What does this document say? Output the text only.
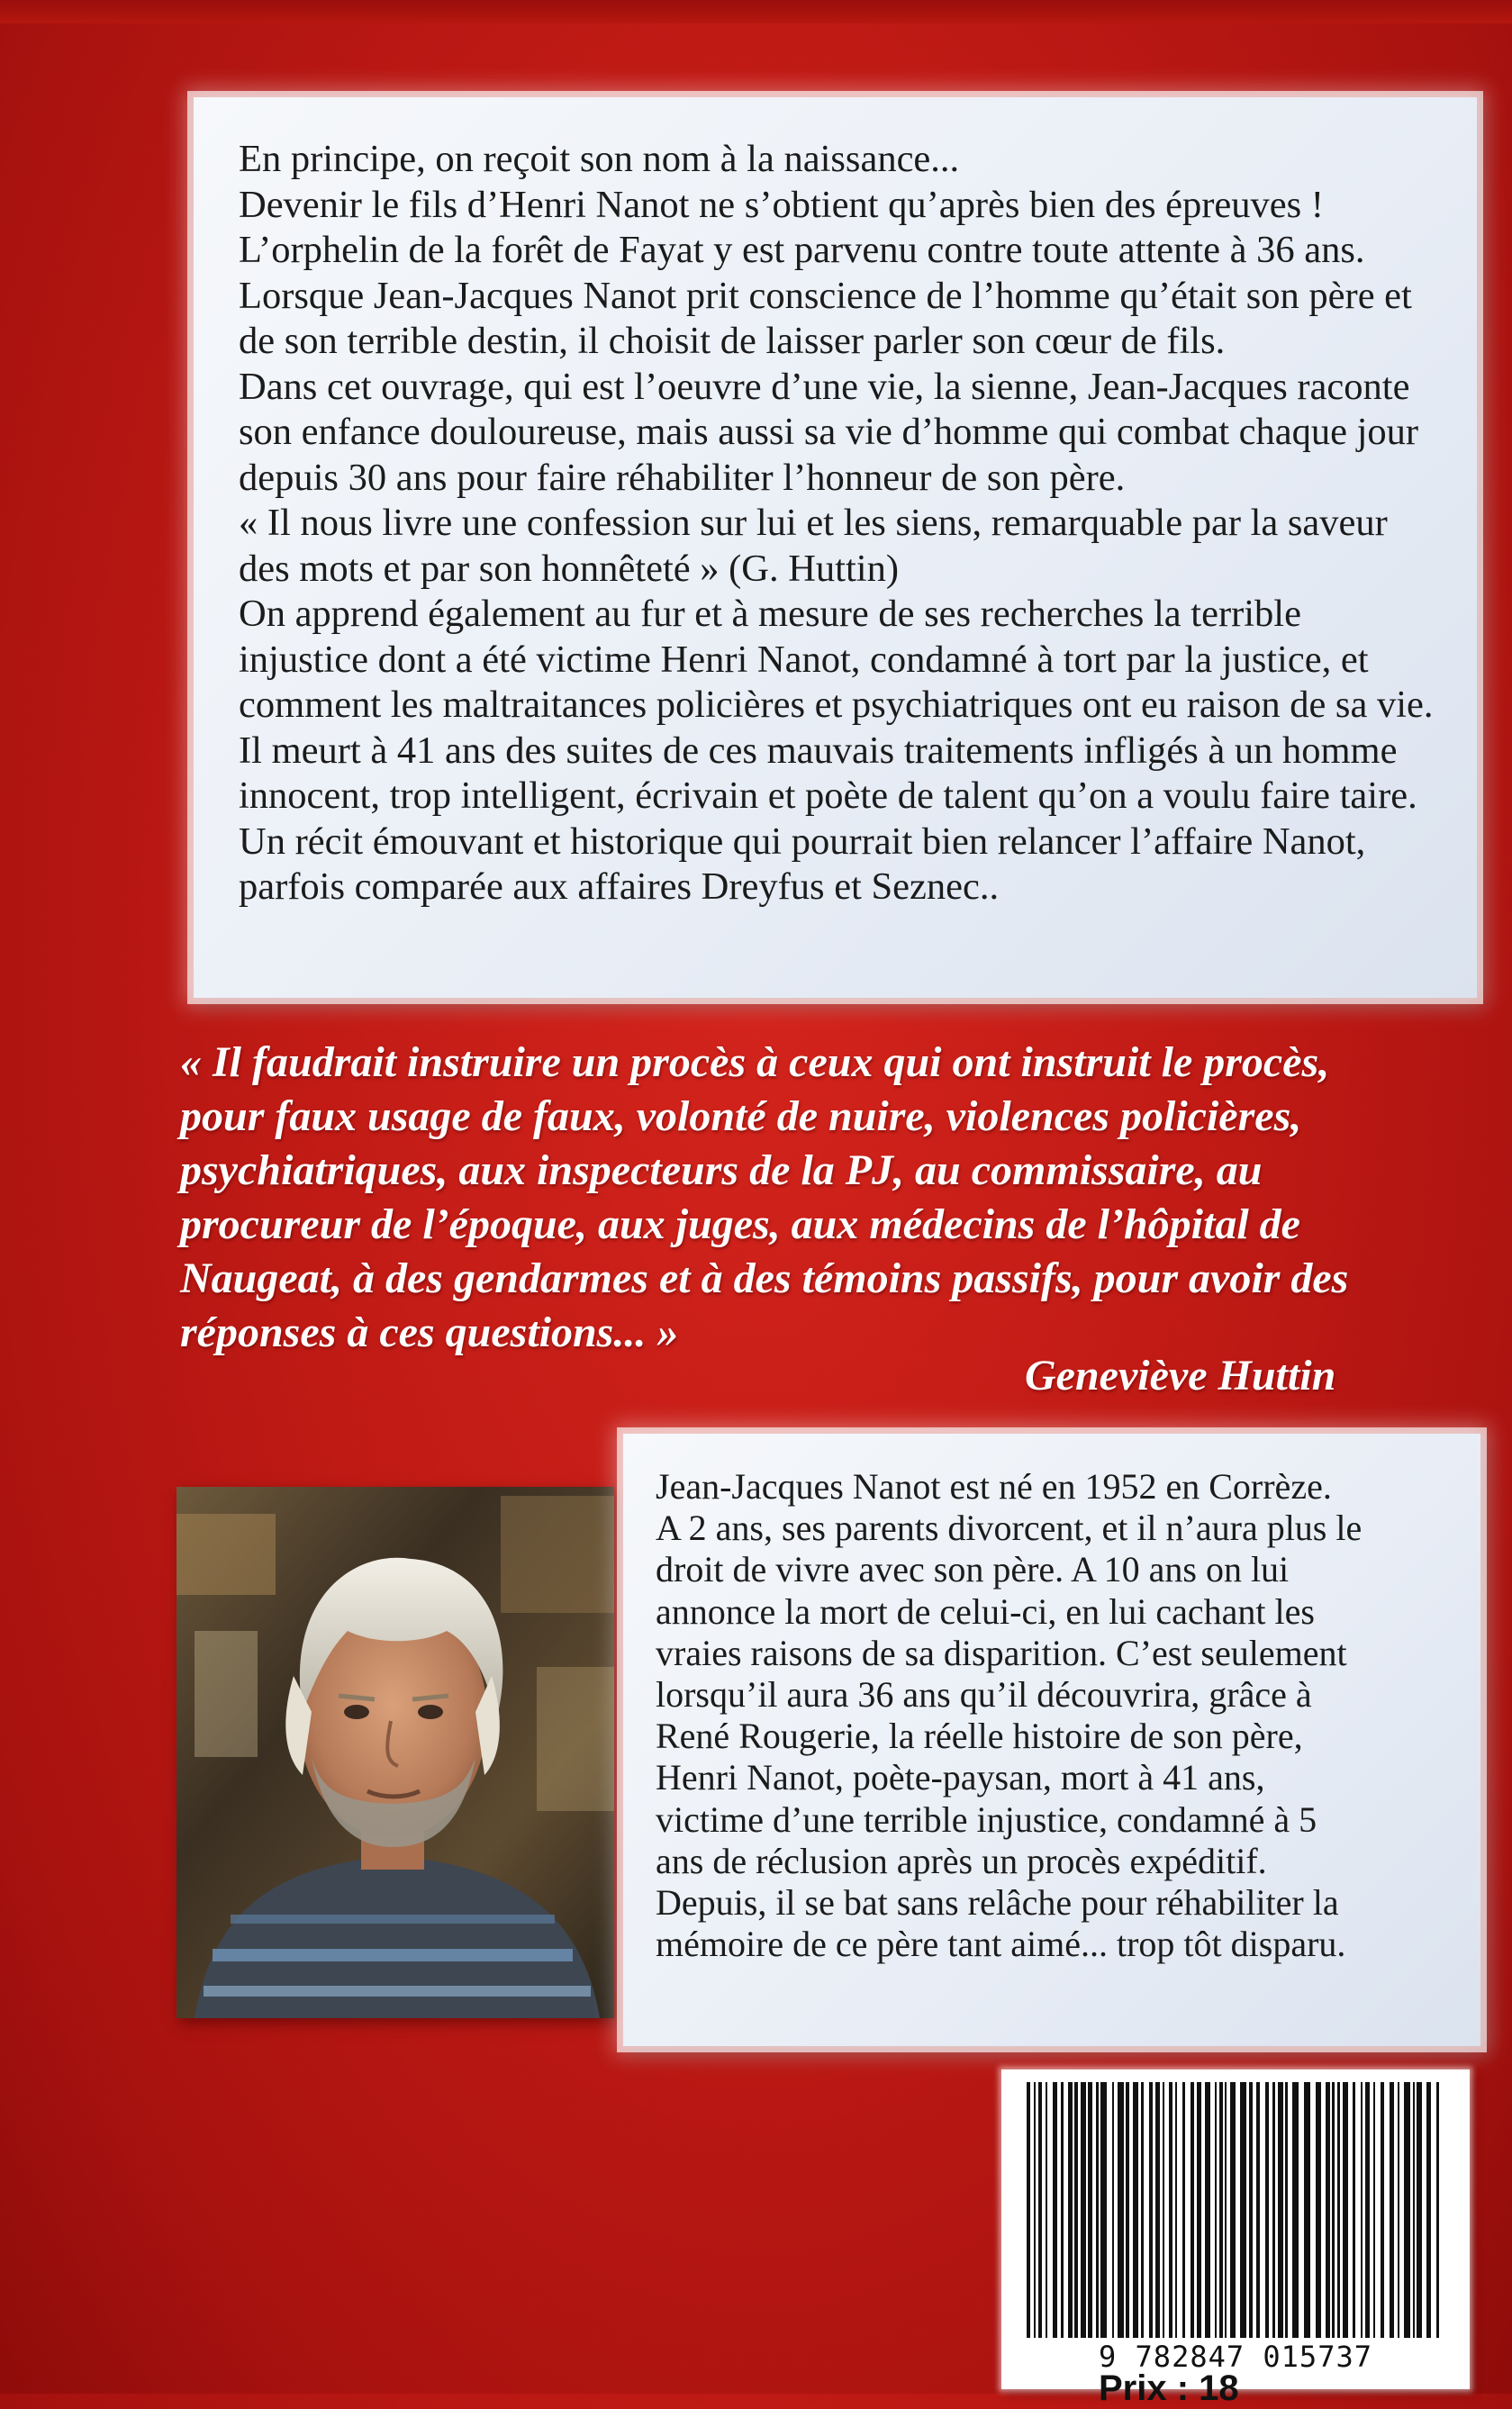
En principe, on reçoit son nom à la naissance...
Devenir le fils d’Henri Nanot ne s’obtient qu’après bien des épreuves !
L’orphelin de la forêt de Fayat y est parvenu contre toute attente à 36 ans.
Lorsque Jean-Jacques Nanot prit conscience de l’homme qu’était son père et de son terrible destin, il choisit de laisser parler son cœur de fils.

Dans cet ouvrage, qui est l’oeuvre d’une vie, la sienne, Jean-Jacques raconte son enfance douloureuse, mais aussi sa vie d’homme qui combat chaque jour depuis 30 ans pour faire réhabiliter l’honneur de son père.

« Il nous livre une confession sur lui et les siens, remarquable par la saveur des mots et par son honnêteté » (G. Huttin)

On apprend également au fur et à mesure de ses recherches la terrible injustice dont a été victime Henri Nanot, condamné à tort par la justice, et comment les maltraitances policières et psychiatriques ont eu raison de sa vie. Il meurt à 41 ans des suites de ces mauvais traitements infligés à un homme innocent, trop intelligent, écrivain et poète de talent qu’on a voulu faire taire.

Un récit émouvant et historique qui pourrait bien relancer l’affaire Nanot, parfois comparée aux affaires Dreyfus et Seznec..

« Il faudrait instruire un procès à ceux qui ont instruit le procès,
pour faux usage de faux, volonté de nuire, violences policières,
psychiatriques, aux inspecteurs de la PJ, au commissaire, au
procureur de l’époque, aux juges, aux médecins de l’hôpital de
Naugeat, à des gendarmes et à des témoins passifs, pour avoir des
réponses à ces questions... »
Geneviève Huttin

Jean-Jacques Nanot est né en 1952 en Corrèze.
A 2 ans, ses parents divorcent, et il n’aura plus le
droit de vivre avec son père. A 10 ans on lui
annonce la mort de celui-ci, en lui cachant les
vraies raisons de sa disparition. C’est seulement
lorsqu’il aura 36 ans qu’il découvrira, grâce à
René Rougerie, la réelle histoire de son père,
Henri Nanot, poète-paysan, mort à 41 ans,
victime d’une terrible injustice, condamné à 5
ans de réclusion après un procès expéditif.
Depuis, il se bat sans relâche pour réhabiliter la
mémoire de ce père tant aimé... trop tôt disparu.

9 782847 015737
Prix : 18
